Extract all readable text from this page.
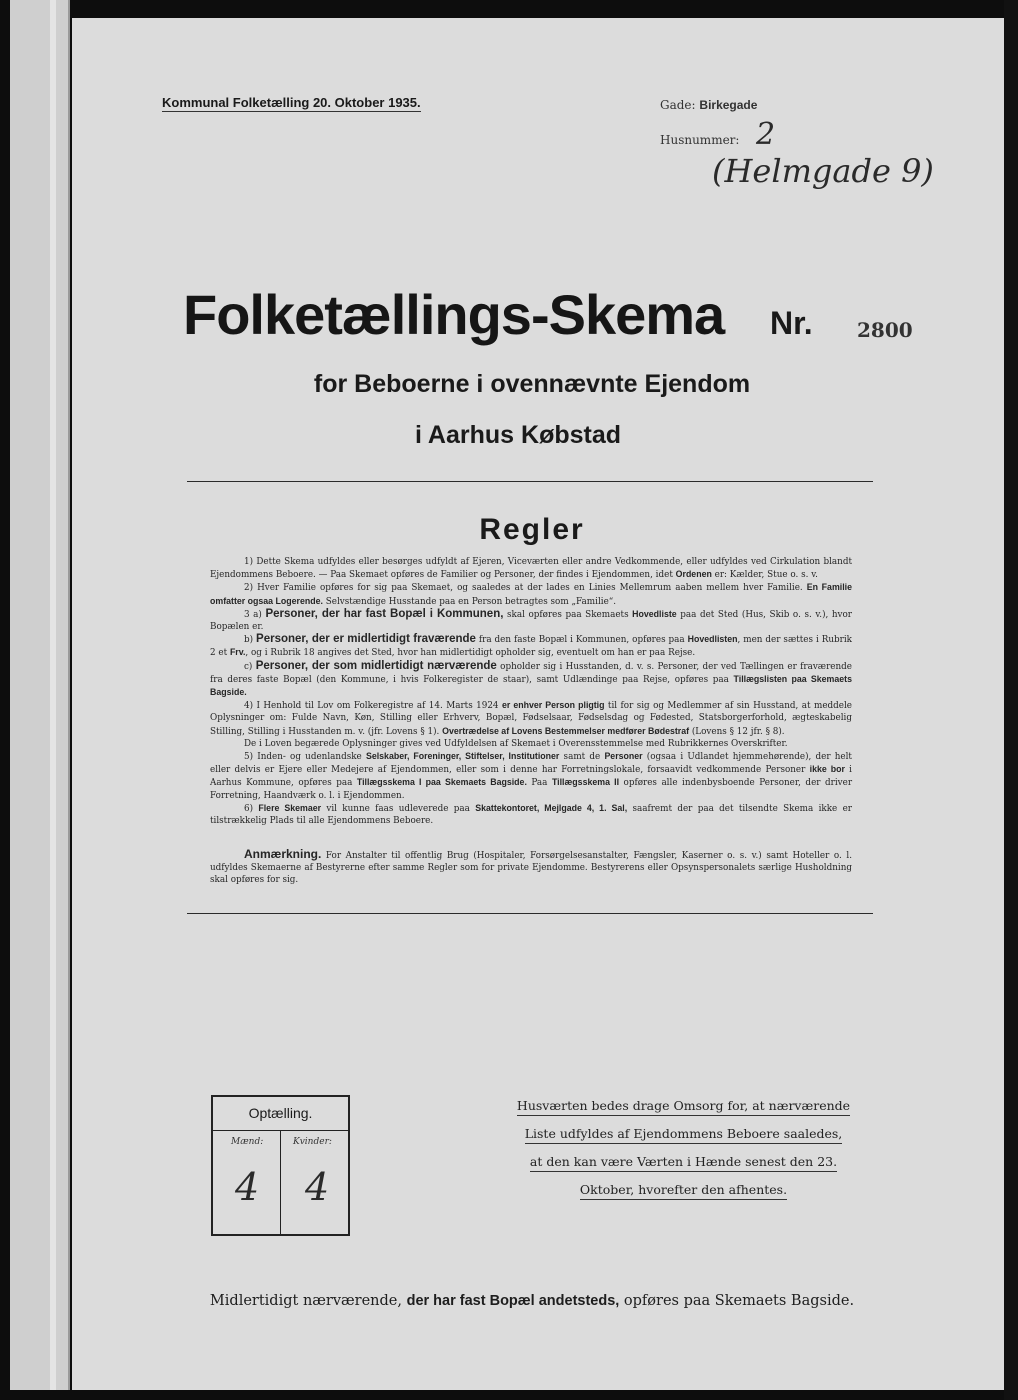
Kommunal Folketælling 20. Oktober 1935.	Gade: Birkegade
Husnummer: 2
(Helmgade 9)
Folketællings-Skema Nr. 2800
for Beboerne i ovennævnte Ejendom
i Aarhus Købstad
Regler

1) Dette Skema udfyldes eller besørges udfyldt af Ejeren, Viceværten eller andre Vedkommende, eller udfyldes ved Cirkulation blandt Ejendommens Beboere. — Paa Skemaet opføres de Familier og Personer, der findes i Ejendommen, idet Ordenen er: Kælder, Stue o. s. v.

2) Hver Familie opføres for sig paa Skemaet, og saaledes at der lades en Linies Mellemrum aaben mellem hver Familie. En Familie omfatter ogsaa Logerende. Selvstændige Husstande paa en Person betragtes som „Familie“.

3 a) Personer, der har fast Bopæl i Kommunen, skal opføres paa Skemaets Hovedliste paa det Sted (Hus, Skib o. s. v.), hvor Bopælen er.

b) Personer, der er midlertidigt fraværende fra den faste Bopæl i Kommunen, opføres paa Hovedlisten, men der sættes i Rubrik 2 et Frv., og i Rubrik 18 angives det Sted, hvor han midlertidigt opholder sig, eventuelt om han er paa Rejse.

c) Personer, der som midlertidigt nærværende opholder sig i Husstanden, d. v. s. Personer, der ved Tællingen er fraværende fra deres faste Bopæl (den Kommune, i hvis Folkeregister de staar), samt Udlændinge paa Rejse, opføres paa Tillægslisten paa Skemaets Bagside.

4) I Henhold til Lov om Folkeregistre af 14. Marts 1924 er enhver Person pligtig til for sig og Medlemmer af sin Husstand, at meddele Oplysninger om: Fulde Navn, Køn, Stilling eller Erhverv, Bopæl, Fødselsaar, Fødselsdag og Fødested, Statsborgerforhold, ægteskabelig Stilling, Stilling i Husstanden m. v. (jfr. Lovens § 1). Overtrædelse af Lovens Bestemmelser medfører Bødestraf (Lovens § 12 jfr. § 8).

De i Loven begærede Oplysninger gives ved Udfyldelsen af Skemaet i Overensstemmelse med Rubrikkernes Overskrifter.

5) Inden- og udenlandske Selskaber, Foreninger, Stiftelser, Institutioner samt de Personer (ogsaa i Udlandet hjemmehørende), der helt eller delvis er Ejere eller Medejere af Ejendommen, eller som i denne har Forretningslokale, forsaavidt vedkommende Personer ikke bor i Aarhus Kommune, opføres paa Tillægsskema I paa Skemaets Bagside. Paa Tillægsskema II opføres alle indenbysboende Personer, der driver Forretning, Haandværk o. l. i Ejendommen.

6) Flere Skemaer vil kunne faas udleverede paa Skattekontoret, Mejlgade 4, 1. Sal, saafremt der paa det tilsendte Skema ikke er tilstrækkelig Plads til alle Ejendommens Beboere.

Anmærkning. For Anstalter til offentlig Brug (Hospitaler, Forsørgelsesanstalter, Fængsler, Kaserner o. s. v.) samt Hoteller o. l. udfyldes Skemaerne af Bestyrerne efter samme Regler som for private Ejendomme. Bestyrerens eller Opsynspersonalets særlige Husholdning skal opføres for sig.
Optælling.
Mænd:	Kvinder:
4 4
Husværten bedes drage Omsorg for, at nærværende
Liste udfyldes af Ejendommens Beboere saaledes,
at den kan være Værten i Hænde senest den 23.
Oktober, hvorefter den afhentes.
Midlertidigt nærværende, der har fast Bopæl andetsteds, opføres paa Skemaets Bagside.
